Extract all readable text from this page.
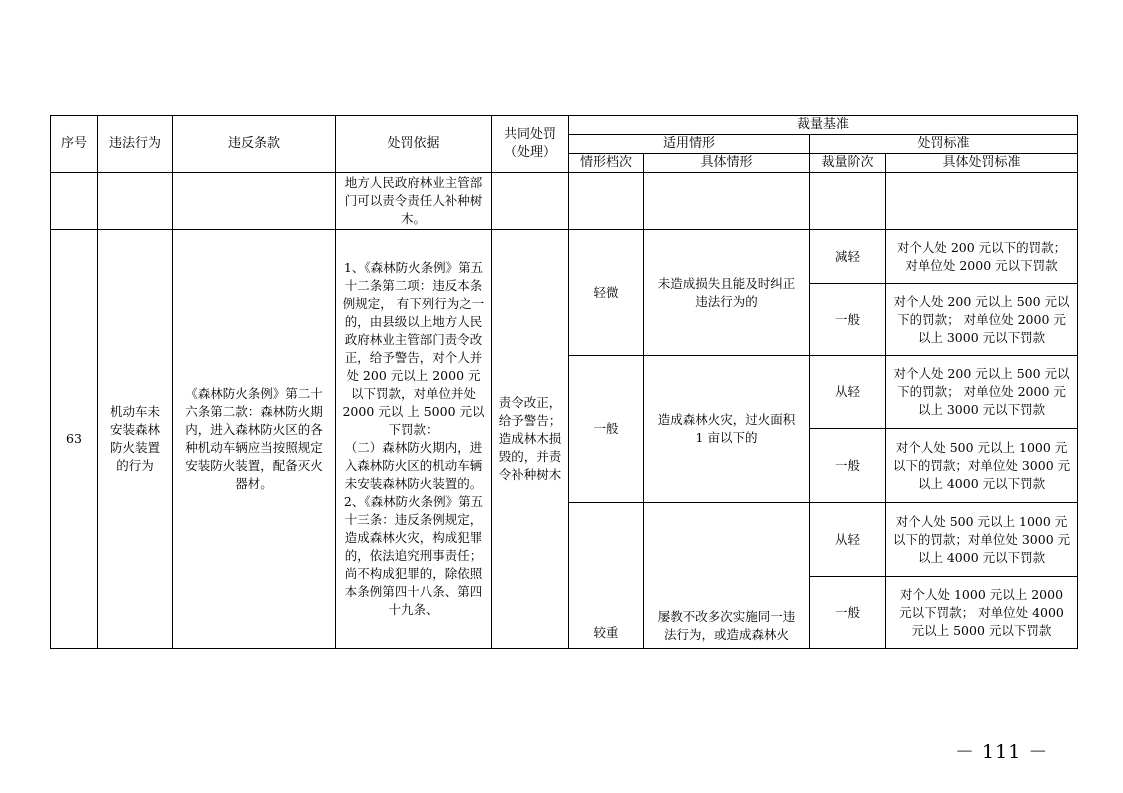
序号	违法行为	违反条款	处罚依据	共同处罚（处理）	裁量基准			
					适用情形		处罚标准	
					情形档次	具体情形	裁量阶次	具体处罚标准
			地方人民政府林业主管部门可以责令责任人补种树木。					
63	机动车未安装森林防火装置的行为	《森林防火条例》第二十六条第二款：森林防火期内，进入森林防火区的各种机动车辆应当按照规定安装防火装置，配备灭火器材。	1、《森林防火条例》第五十二条第二项：违反本条例规定， 有下列行为之一的，由县级以上地方人民政府林业主管部门责令改正，给予警告，对个人并处 200 元以上 2000 元以下罚款，对单位并处 2000 元以 上 5000 元以下罚款：
（二）森林防火期内，进入森林防火区的机动车辆未安装森林防火装置的。
2、《森林防火条例》第五十三条：违反条例规定，造成森林火灾，构成犯罪的，依法追究刑事责任；尚不构成犯罪的，除依照本条例第四十八条、第四十九条、	责令改正，给予警告；造成林木损毁的，并责令补种树木	轻微	未造成损失且能及时纠正违法行为的	减轻	对个人处 200 元以下的罚款；对单位处 2000 元以下罚款
							一般	对个人处 200 元以上 500 元以下的罚款； 对单位处 2000 元以上 3000 元以下罚款
					一般	造成森林火灾，过火面积 1 亩以下的	从轻	对个人处 200 元以上 500 元以下的罚款； 对单位处 2000 元以上 3000 元以下罚款
							一般	对个人处 500 元以上 1000 元 以下的罚款；对单位处 3000 元以上 4000 元以下罚款
					较重	屡教不改多次实施同一违法行为，或造成森林火	从轻	对个人处 500 元以上 1000 元 以下的罚款；对单位处 3000 元以上 4000 元以下罚款
							一般	对个人处 1000 元以上 2000 元以下罚款； 对单位处 4000 元以上 5000 元以下罚款
－ 111 －
